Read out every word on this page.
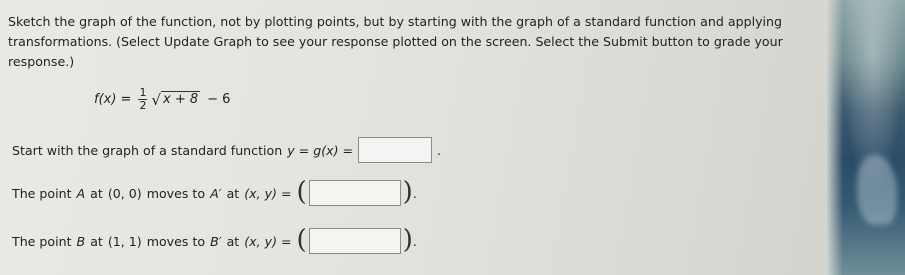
Sketch the graph of the function, not by plotting points, but by starting with the graph of a standard function and applying transformations. (Select Update Graph to see your response plotted on the screen. Select the Submit button to grade your response.)

$f(x) = \frac{1}{2}$ √ x + 8 − 6
Start with the graph of a standard function y = g(x) =	.
The point A at (0, 0) moves to A′ at (x, y) = (	) .
The point B at (1, 1) moves to B′ at (x, y) = (	) .
